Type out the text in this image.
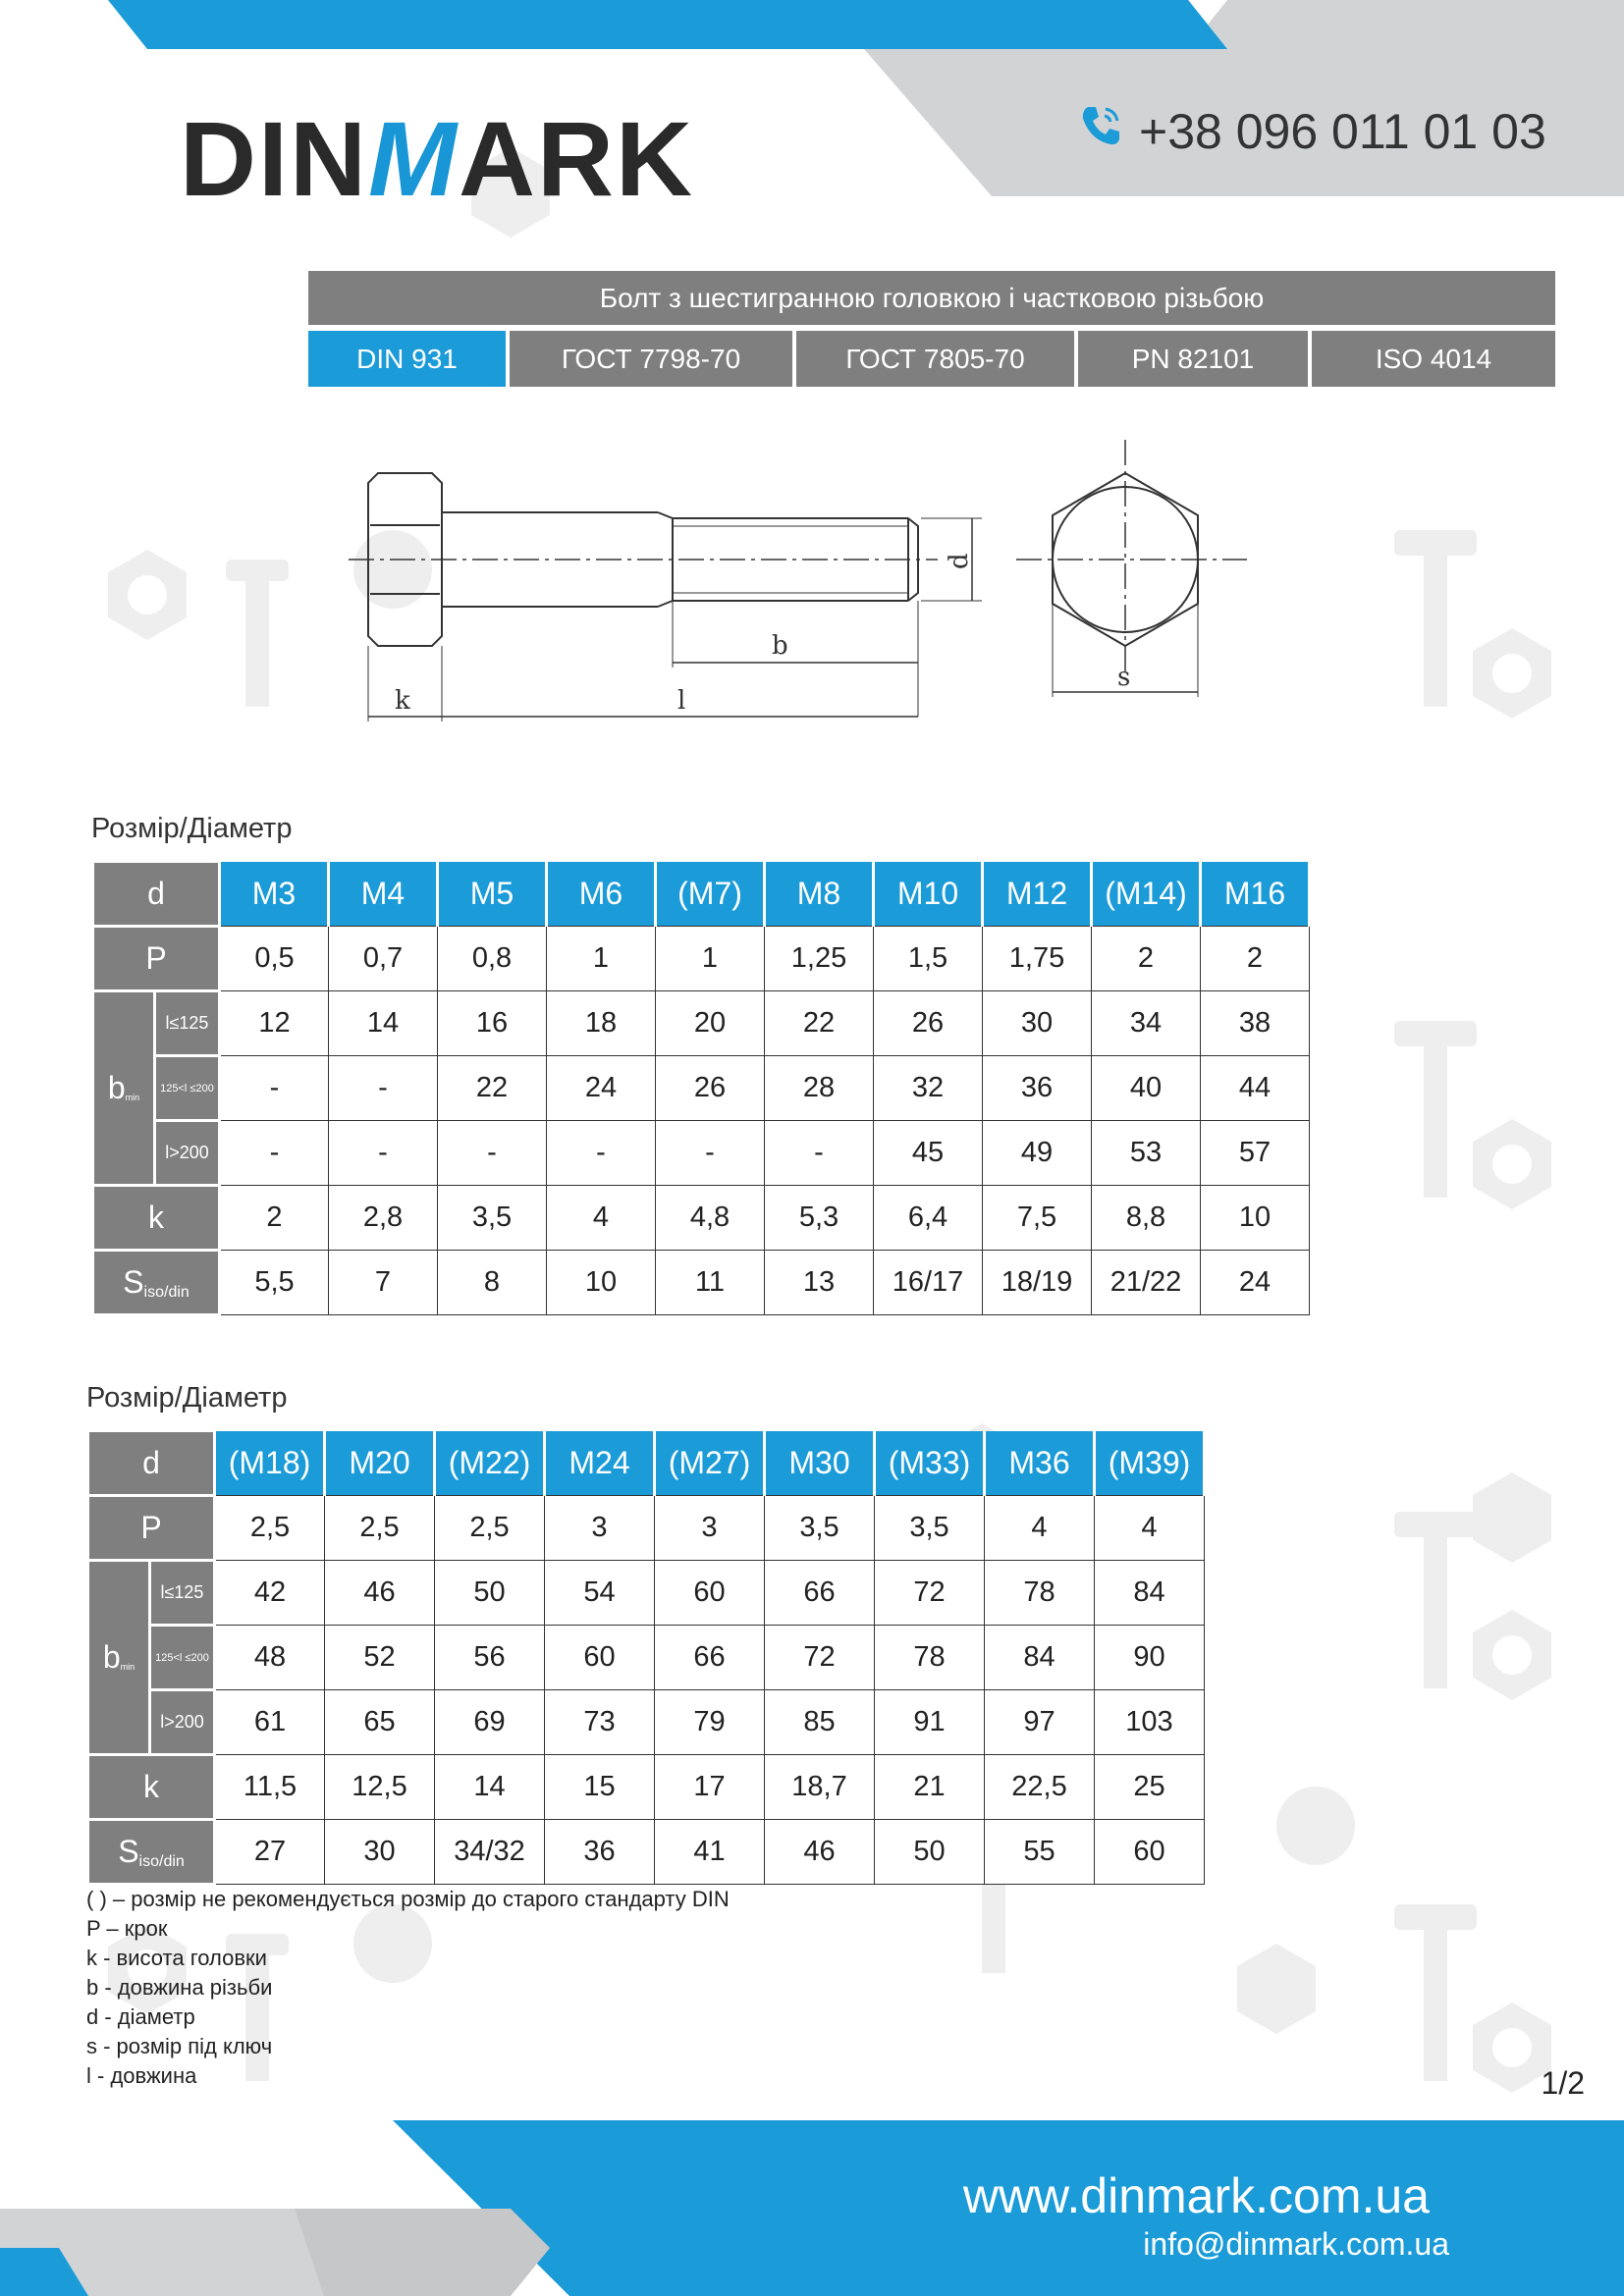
DINMARK	+38 096 011 01 03
Болт з шестигранною головкою і частковою різьбою
DIN 931	ГОСТ 7798-70	ГОСТ 7805-70	PN 82101	ISO 4014
k	l
b
d
s
Розмір/Діаметр
d		M3	M4	M5	M6	(M7)	M8	M10	M12	(M14)	M16
P		0,5	0,7	0,8	1	1	1,25	1,5	1,75	2	2
$b_{min}$	l≤125	12	14	16	18	20	22	26	30	34	38
	125<l ≤200	-	-	22	24	26	28	32	36	40	44
	l>200	-	-	-	-	-	-	45	49	53	57
k		2	2,8	3,5	4	4,8	5,3	6,4	7,5	8,8	10
$S_{iso/din}$		5,5	7	8	10	11	13	16/17	18/19	21/22	24
Розмір/Діаметр
d		(M18)	M20	(M22)	M24	(M27)	M30	(M33)	M36	(M39)
P		2,5	2,5	2,5	3	3	3,5	3,5	4	4
$b_{min}$	l≤125	42	46	50	54	60	66	72	78	84
	125<l ≤200	48	52	56	60	66	72	78	84	90
	l>200	61	65	69	73	79	85	91	97	103
k		11,5	12,5	14	15	17	18,7	21	22,5	25
$S_{iso/din}$		27	30	34/32	36	41	46	50	55	60
( ) – розмір не рекомендується розмір до старого стандарту DIN
P – крок
k - висота головки
b - довжина різьби
d - діаметр
s - розмір під ключ
l - довжина	1/2
www.dinmark.com.ua
info@dinmark.com.ua
